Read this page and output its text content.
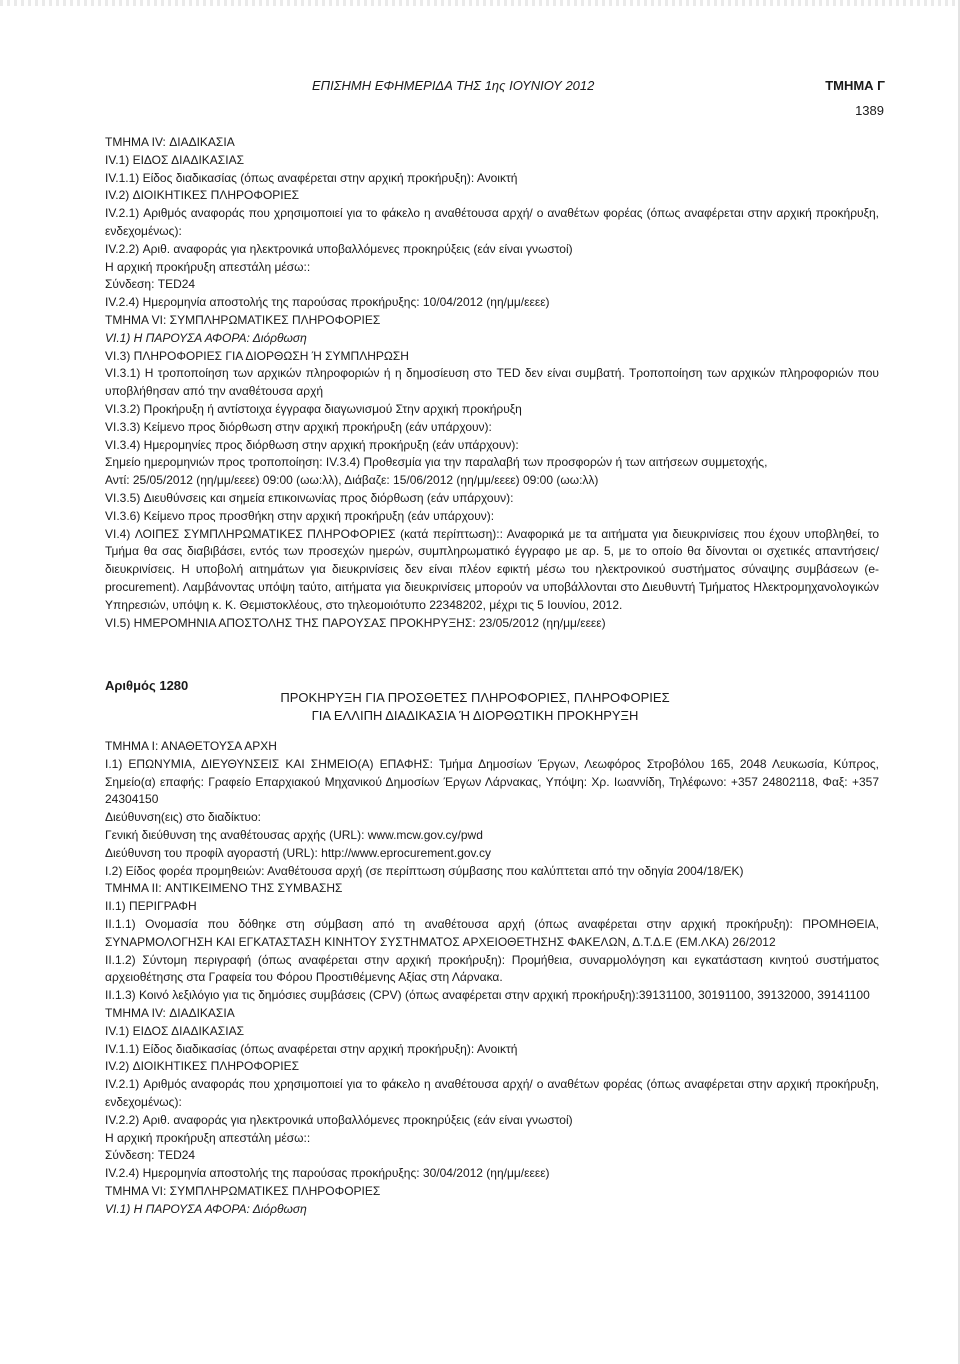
ΕΠΙΣΗΜΗ ΕΦΗΜΕΡΙΔΑ ΤΗΣ 1ης ΙΟΥΝΙΟΥ 2012	ΤΜΗΜΑ Γ
1389

ΤΜΗΜΑ IV: ΔΙΑΔΙΚΑΣΙΑ

IV.1) ΕΙΔΟΣ ΔΙΑΔΙΚΑΣΙΑΣ

IV.1.1) Είδος διαδικασίας (όπως αναφέρεται στην αρχική προκήρυξη): Ανοικτή

IV.2) ΔΙΟΙΚΗΤΙΚΕΣ ΠΛΗΡΟΦΟΡΙΕΣ

IV.2.1) Αριθμός αναφοράς που χρησιμοποιεί για το φάκελο η αναθέτουσα αρχή/ ο αναθέτων φορέας (όπως αναφέρεται στην αρχική προκήρυξη, ενδεχομένως):

IV.2.2) Αριθ. αναφοράς για ηλεκτρονικά υποβαλλόμενες προκηρύξεις (εάν είναι γνωστοί)

Η αρχική προκήρυξη απεστάλη μέσω::

Σύνδεση: TED24

IV.2.4) Ημερομηνία αποστολής της παρούσας προκήρυξης: 10/04/2012 (ηη/μμ/εεεε)

ΤΜΗΜΑ VI: ΣΥΜΠΛΗΡΩΜΑΤΙΚΕΣ ΠΛΗΡΟΦΟΡΙΕΣ

VI.1) Η ΠΑΡΟΥΣΑ ΑΦΟΡΑ: Διόρθωση

VI.3) ΠΛΗΡΟΦΟΡΙΕΣ ΓΙΑ ΔΙΟΡΘΩΣΗ Ή ΣΥΜΠΛΗΡΩΣΗ

VI.3.1) Η τροποποίηση των αρχικών πληροφοριών ή η δημοσίευση στο TED δεν είναι συμβατή. Τροποποίηση των αρχικών πληροφοριών που υποβλήθησαν από την αναθέτουσα αρχή

VI.3.2) Προκήρυξη ή αντίστοιχα έγγραφα διαγωνισμού Στην αρχική προκήρυξη

VI.3.3) Κείμενο προς διόρθωση στην αρχική προκήρυξη (εάν υπάρχουν):

VI.3.4) Ημερομηνίες προς διόρθωση στην αρχική προκήρυξη (εάν υπάρχουν):

Σημείο ημερομηνιών προς τροποποίηση: IV.3.4) Προθεσμία για την παραλαβή των προσφορών ή των αιτήσεων συμμετοχής,

Αντί: 25/05/2012 (ηη/μμ/εεεε) 09:00 (ωω:λλ), Διάβαζε: 15/06/2012 (ηη/μμ/εεεε) 09:00 (ωω:λλ)

VI.3.5) Διευθύνσεις και σημεία επικοινωνίας προς διόρθωση (εάν υπάρχουν):

VI.3.6) Κείμενο προς προσθήκη στην αρχική προκήρυξη (εάν υπάρχουν):

VI.4) ΛΟΙΠΕΣ ΣΥΜΠΛΗΡΩΜΑΤΙΚΕΣ ΠΛΗΡΟΦΟΡΙΕΣ (κατά περίπτωση):: Αναφορικά με τα αιτήματα για διευκρινίσεις που έχουν υποβληθεί, το Τμήμα θα σας διαβιβάσει, εντός των προσεχών ημερών, συμπληρωματικό έγγραφο με αρ. 5, με το οποίο θα δίνονται οι σχετικές απαντήσεις/ διευκρινίσεις. Η υποβολή αιτημάτων για διευκρινίσεις δεν είναι πλέον εφικτή μέσω του ηλεκτρονικού συστήματος σύναψης συμβάσεων (e-procurement). Λαμβάνοντας υπόψη ταύτο, αιτήματα για διευκρινίσεις μπορούν να υποβάλλονται στο Διευθυντή Τμήματος Ηλεκτρομηχανολογικών Υπηρεσιών, υπόψη κ. Κ. Θεμιστοκλέους, στο τηλεομοιότυπο 22348202, μέχρι τις 5 Ιουνίου, 2012.

VI.5) ΗΜΕΡΟΜΗΝΙΑ ΑΠΟΣΤΟΛΗΣ ΤΗΣ ΠΑΡΟΥΣΑΣ ΠΡΟΚΗΡΥΞΗΣ: 23/05/2012 (ηη/μμ/εεεε)

Αριθμός 1280

ΠΡΟΚΗΡΥΞΗ ΓΙΑ ΠΡΟΣΘΕΤΕΣ ΠΛΗΡΟΦΟΡΙΕΣ, ΠΛΗΡΟΦΟΡΙΕΣ

ΓΙΑ ΕΛΛΙΠΗ ΔΙΑΔΙΚΑΣΙΑ Ή ΔΙΟΡΘΩΤΙΚΗ ΠΡΟΚΗΡΥΞΗ

ΤΜΗΜΑ Ι: ΑΝΑΘΕΤΟΥΣΑ ΑΡΧΗ

I.1) ΕΠΩΝΥΜΙΑ, ΔΙΕΥΘΥΝΣΕΙΣ ΚΑΙ ΣΗΜΕΙΟ(Α) ΕΠΑΦΗΣ: Τμήμα Δημοσίων Έργων, Λεωφόρος Στροβόλου 165, 2048 Λευκωσία, Κύπρος, Σημείο(α) επαφής: Γραφείο Επαρχιακού Μηχανικού Δημοσίων Έργων Λάρνακας, Υπόψη: Χρ. Ιωαννίδη, Τηλέφωνο: +357 24802118, Φαξ: +357 24304150

Διεύθυνση(εις) στο διαδίκτυο:

Γενική διεύθυνση της αναθέτουσας αρχής (URL): www.mcw.gov.cy/pwd

Διεύθυνση του προφίλ αγοραστή (URL): http://www.eprocurement.gov.cy

I.2) Είδος φορέα προμηθειών: Αναθέτουσα αρχή (σε περίπτωση σύμβασης που καλύπτεται από την οδηγία 2004/18/ΕΚ)

ΤΜΗΜΑ II: ΑΝΤΙΚΕΙΜΕΝΟ ΤΗΣ ΣΥΜΒΑΣΗΣ

II.1) ΠΕΡΙΓΡΑΦΗ

II.1.1) Ονομασία που δόθηκε στη σύμβαση από τη αναθέτουσα αρχή (όπως αναφέρεται στην αρχική προκήρυξη): ΠΡΟΜΗΘΕΙΑ, ΣΥΝΑΡΜΟΛΟΓΗΣΗ ΚΑΙ ΕΓΚΑΤΑΣΤΑΣΗ ΚΙΝΗΤΟΥ ΣΥΣΤΗΜΑΤΟΣ ΑΡΧΕΙΟΘΕΤΗΣΗΣ ΦΑΚΕΛΩΝ, Δ.Τ.Δ.Ε (ΕΜ.ΛΚΑ) 26/2012

II.1.2) Σύντομη περιγραφή (όπως αναφέρεται στην αρχική προκήρυξη): Προμήθεια, συναρμολόγηση και εγκατάσταση κινητού συστήματος αρχειοθέτησης στα Γραφεία του Φόρου Προστιθέμενης Αξίας στη Λάρνακα.

II.1.3) Κοινό λεξιλόγιο για τις δημόσιες συμβάσεις (CPV) (όπως αναφέρεται στην αρχική προκήρυξη):39131100, 30191100, 39132000, 39141100

ΤΜΗΜΑ IV: ΔΙΑΔΙΚΑΣΙΑ

IV.1) ΕΙΔΟΣ ΔΙΑΔΙΚΑΣΙΑΣ

IV.1.1) Είδος διαδικασίας (όπως αναφέρεται στην αρχική προκήρυξη): Ανοικτή

IV.2) ΔΙΟΙΚΗΤΙΚΕΣ ΠΛΗΡΟΦΟΡΙΕΣ

IV.2.1) Αριθμός αναφοράς που χρησιμοποιεί για το φάκελο η αναθέτουσα αρχή/ ο αναθέτων φορέας (όπως αναφέρεται στην αρχική προκήρυξη, ενδεχομένως):

IV.2.2) Αριθ. αναφοράς για ηλεκτρονικά υποβαλλόμενες προκηρύξεις (εάν είναι γνωστοί)

Η αρχική προκήρυξη απεστάλη μέσω::

Σύνδεση: TED24

IV.2.4) Ημερομηνία αποστολής της παρούσας προκήρυξης: 30/04/2012 (ηη/μμ/εεεε)

ΤΜΗΜΑ VI: ΣΥΜΠΛΗΡΩΜΑΤΙΚΕΣ ΠΛΗΡΟΦΟΡΙΕΣ

VI.1) Η ΠΑΡΟΥΣΑ ΑΦΟΡΑ: Διόρθωση
